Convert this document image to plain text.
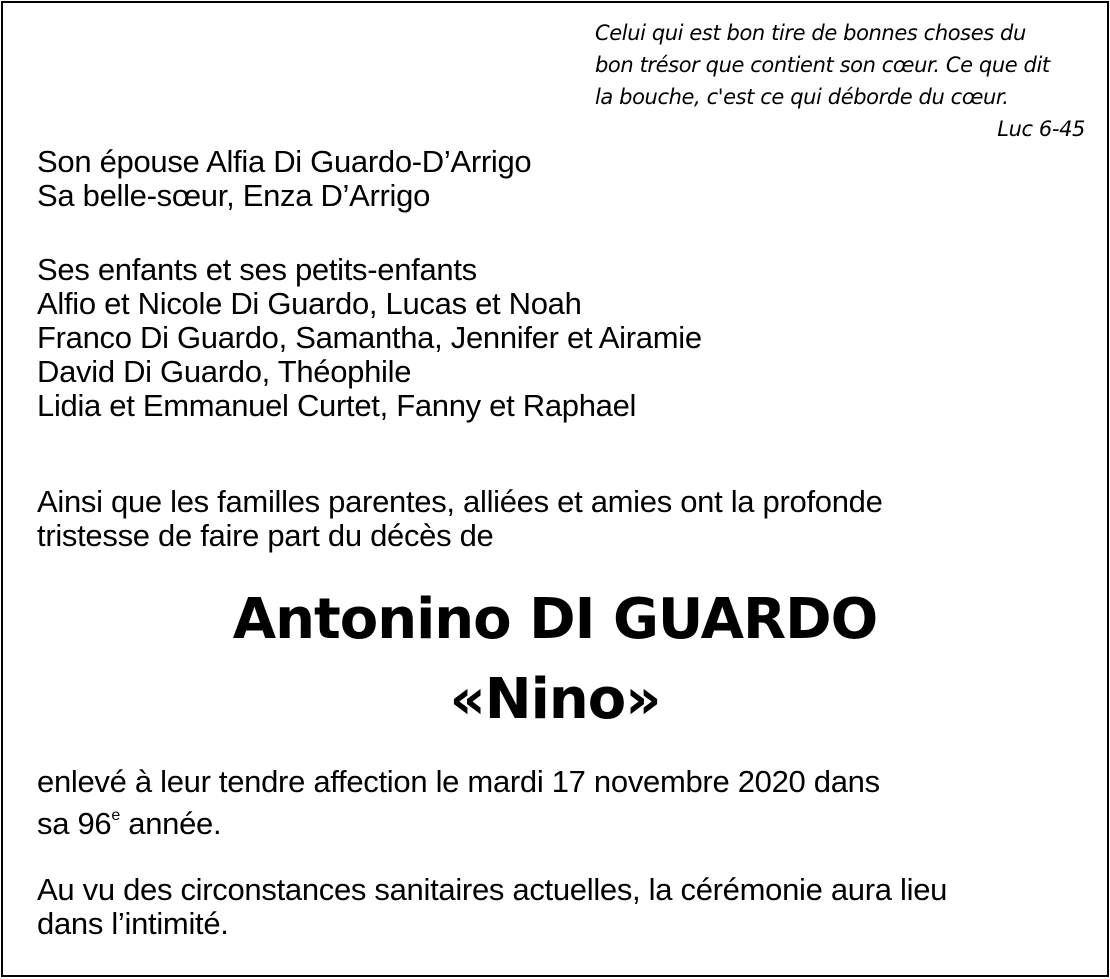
Celui qui est bon tire de bonnes choses du
bon trésor que contient son cœur. Ce que dit
la bouche, c'est ce qui déborde du cœur.
Luc 6-45
Son épouse Alfia Di Guardo-D’Arrigo
Sa belle-sœur, Enza D’Arrigo
Ses enfants et ses petits-enfants
Alfio et Nicole Di Guardo, Lucas et Noah
Franco Di Guardo, Samantha, Jennifer et Airamie
David Di Guardo, Théophile
Lidia et Emmanuel Curtet, Fanny et Raphael
Ainsi que les familles parentes, alliées et amies ont la profonde
tristesse de faire part du décès de
Antonino DI GUARDO
«Nino»
enlevé à leur tendre affection le mardi 17 novembre 2020 dans
sa 96e année.
Au vu des circonstances sanitaires actuelles, la cérémonie aura lieu
dans l’intimité.
